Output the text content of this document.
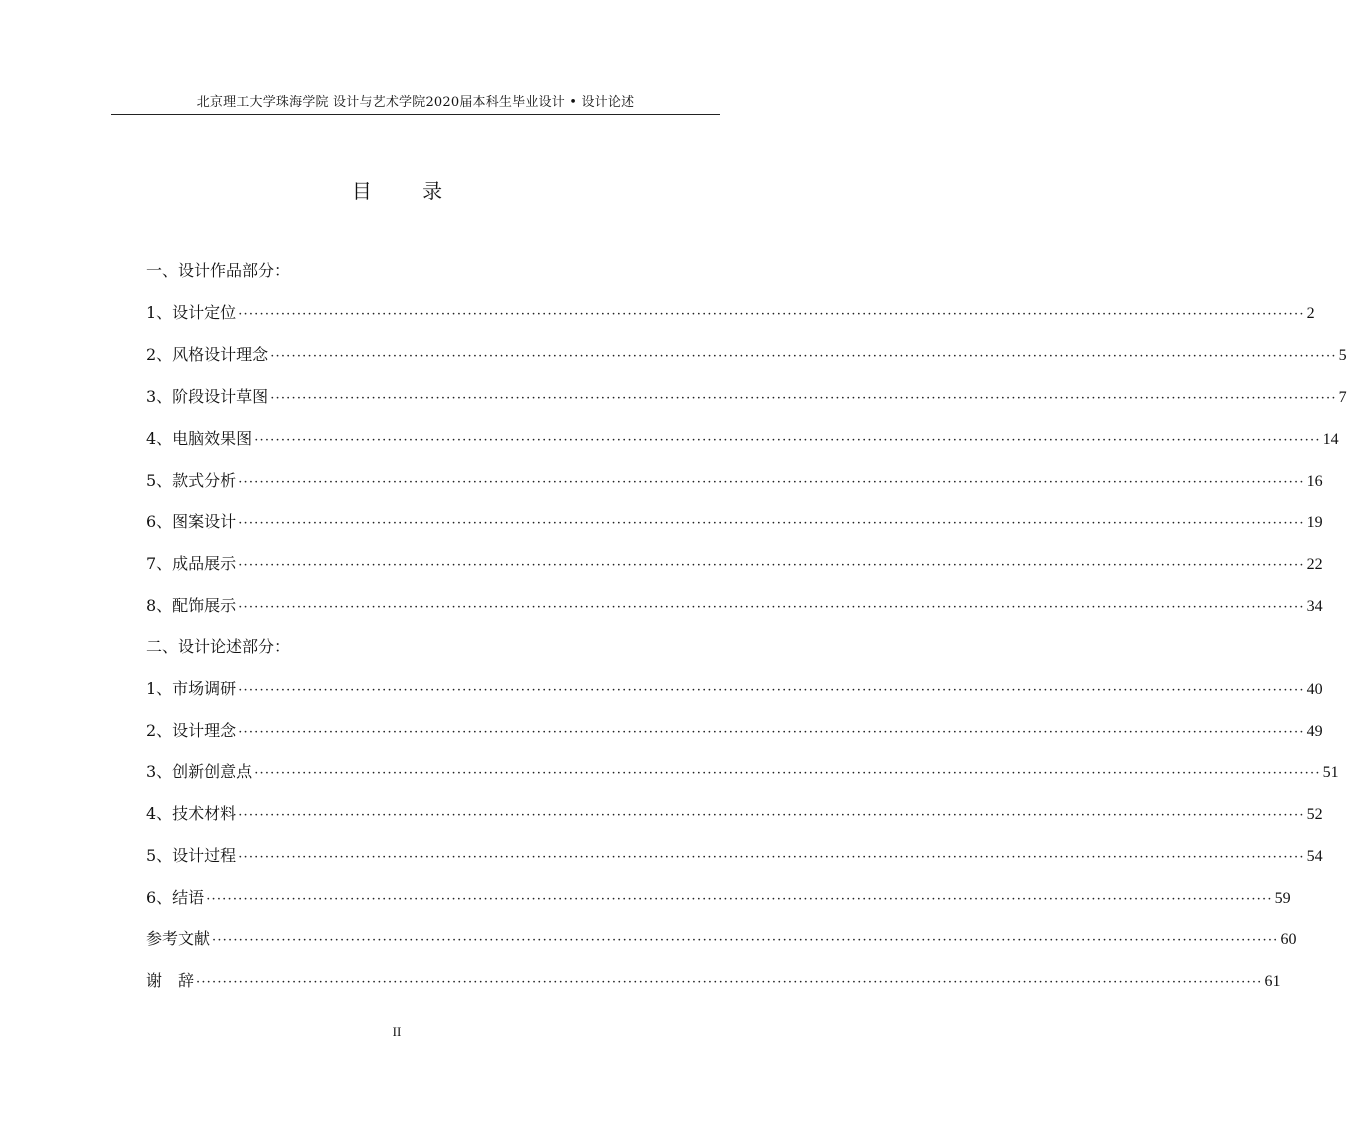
北京理工大学珠海学院 设计与艺术学院2020届本科生毕业设计 • 设计论述
目 录
一、设计作品部分：
1、设计定位 ········································································································································································································ 2
2、风格设计理念 ········································································································································································································ 5
3、阶段设计草图 ········································································································································································································ 7
4、电脑效果图 ········································································································································································································ 14
5、款式分析 ········································································································································································································ 16
6、图案设计 ········································································································································································································ 19
7、成品展示 ········································································································································································································ 22
8、配饰展示 ········································································································································································································ 34
二、设计论述部分：
1、市场调研 ········································································································································································································ 40
2、设计理念 ········································································································································································································ 49
3、创新创意点 ········································································································································································································ 51
4、技术材料 ········································································································································································································ 52
5、设计过程 ········································································································································································································ 54
6、结语 ········································································································································································································ 59
参考文献 ········································································································································································································ 60
谢　辞 ········································································································································································································ 61
II
